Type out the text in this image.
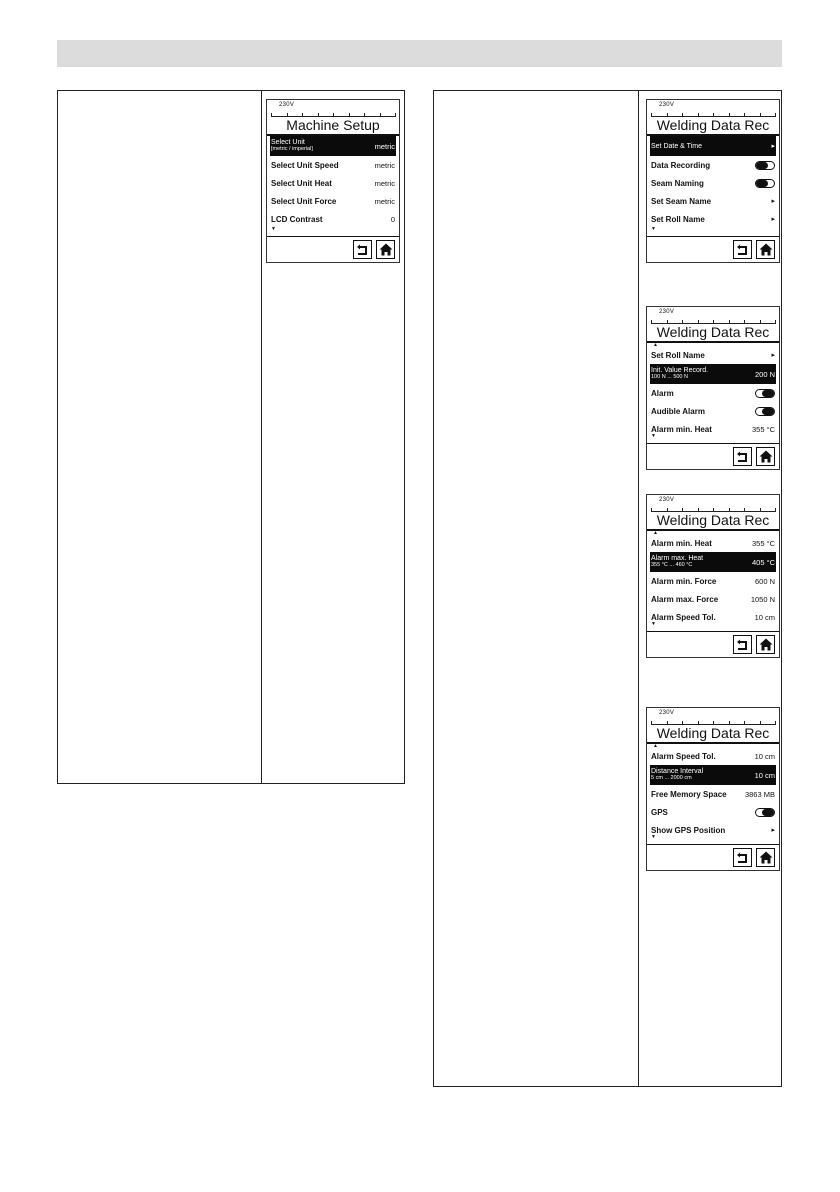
230V
Machine Setup
Select Unit
[metric / imperial]	metric
Select Unit Speed	metric
Select Unit Heat	metric
Select Unit Force	metric
LCD Contrast	0
▼
230V
Welding Data Rec
Set Date & Time	▸
Data Recording
Seam Naming
Set Seam Name	▸
Set Roll Name	▸
▼
230V
Welding Data Rec
▲
Set Roll Name	▸
Init. Value Record.
100 N ... 500 N	200 N
Alarm
Audible Alarm
Alarm min. Heat	355 °C
▼
230V
Welding Data Rec
▲
Alarm min. Heat	355 °C
Alarm max. Heat
355 °C ... 460 °C	405 °C
Alarm min. Force	600 N
Alarm max. Force	1050 N
Alarm Speed Tol.	10 cm
▼
230V
Welding Data Rec
▲
Alarm Speed Tol.	10 cm
Distance Interval
5 cm ... 2000 cm	10 cm
Free Memory Space 3863 MB
GPS
Show GPS Position	▸
▼
